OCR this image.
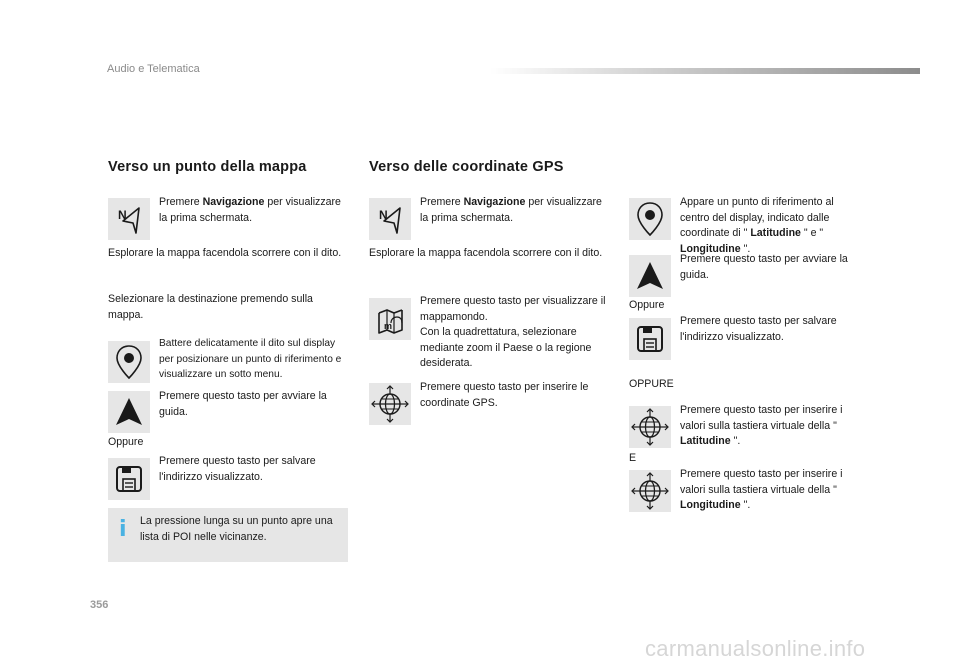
Audio e Telematica
Verso un punto della mappa
Premere Navigazione per visualizzare la prima schermata.
Esplorare la mappa facendola scorrere con il dito.
Selezionare la destinazione premendo sulla mappa.
Battere delicatamente il dito sul display per posizionare un punto di riferimento e visualizzare un sotto menu.
Premere questo tasto per avviare la guida.
Oppure
Premere questo tasto per salvare l'indirizzo visualizzato.
i La pressione lunga su un punto apre una lista di POI nelle vicinanze.
Verso delle coordinate GPS
Premere Navigazione per visualizzare la prima schermata.
Esplorare la mappa facendola scorrere con il dito.
Premere questo tasto per visualizzare il mappamondo.
Con la quadrettatura, selezionare mediante zoom il Paese o la regione desiderata.
Premere questo tasto per inserire le coordinate GPS.
Appare un punto di riferimento al centro del display, indicato dalle coordinate di " Latitudine " e " Longitudine ".
Premere questo tasto per avviare la guida.
Oppure
Premere questo tasto per salvare l'indirizzo visualizzato.
OPPURE
Premere questo tasto per inserire i valori sulla tastiera virtuale della " Latitudine ".
E
Premere questo tasto per inserire i valori sulla tastiera virtuale della " Longitudine ".
356
carmanualsonline.info
